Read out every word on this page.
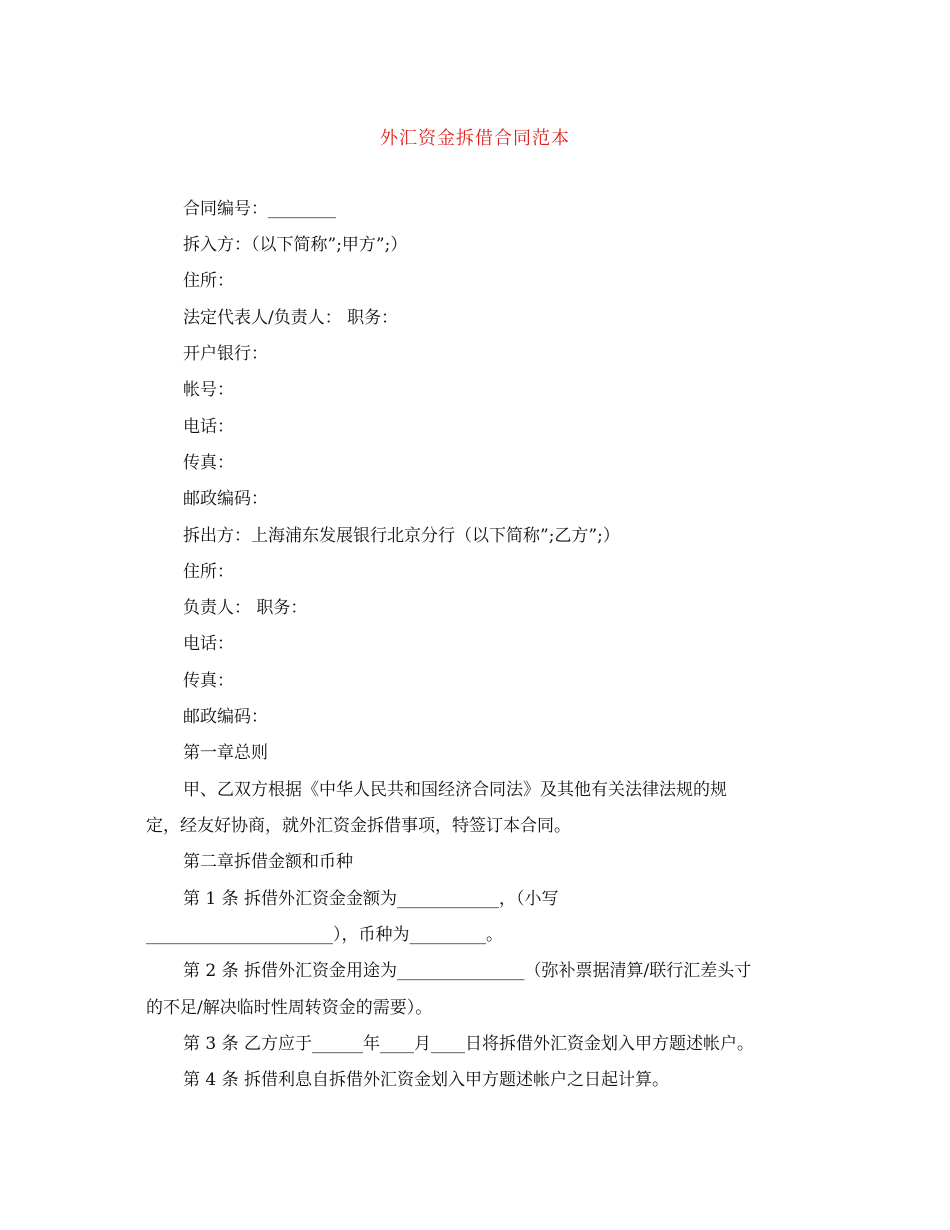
外汇资金拆借合同范本
合同编号：________
拆入方：（以下简称”;甲方”;）
住所：
法定代表人/负责人： 职务：
开户银行：
帐号：
电话：
传真：
邮政编码：
拆出方：上海浦东发展银行北京分行（以下简称”;乙方”;）
住所：
负责人： 职务：
电话：
传真：
邮政编码：
第一章总则
甲、乙双方根据《中华人民共和国经济合同法》及其他有关法律法规的规
定，经友好协商，就外汇资金拆借事项，特签订本合同。
第二章拆借金额和币种
第 1 条 拆借外汇资金金额为____________，（小写
______________________），币种为_________。
第 2 条 拆借外汇资金用途为_______________（弥补票据清算/联行汇差头寸
的不足/解决临时性周转资金的需要）。
第 3 条 乙方应于______年____月____日将拆借外汇资金划入甲方题述帐户。
第 4 条 拆借利息自拆借外汇资金划入甲方题述帐户之日起计算。
